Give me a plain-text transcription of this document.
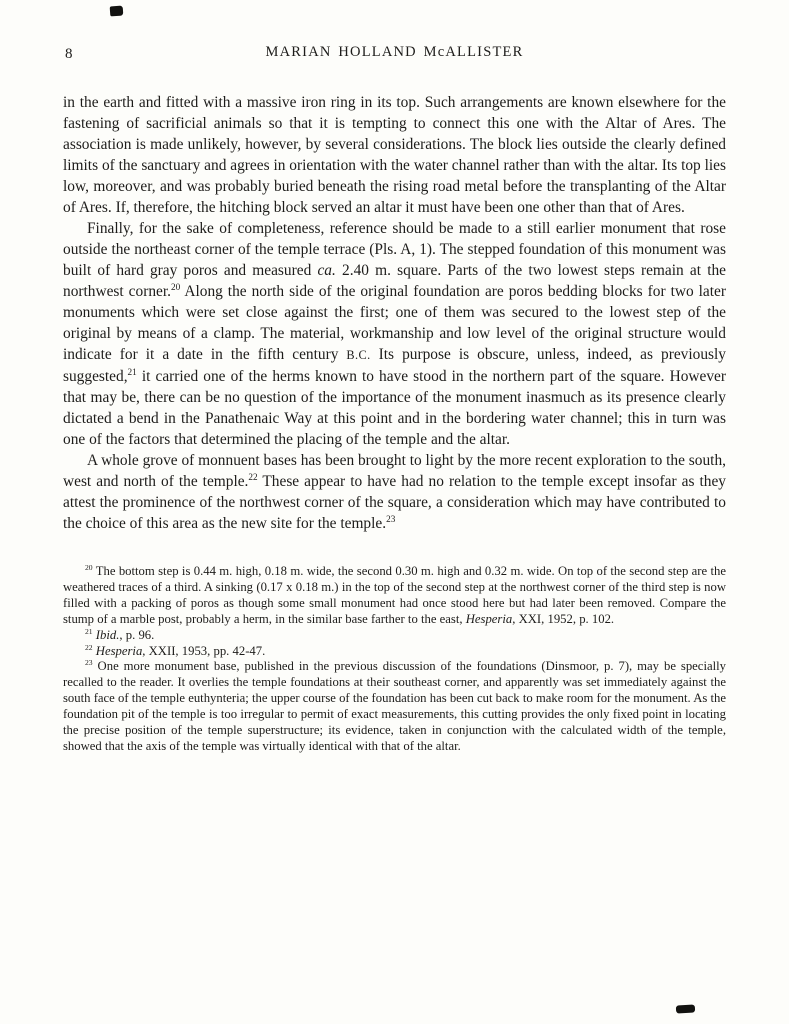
8	MARIAN HOLLAND McALLISTER

in the earth and fitted with a massive iron ring in its top. Such arrangements are known elsewhere for the fastening of sacrificial animals so that it is tempting to connect this one with the Altar of Ares. The association is made unlikely, however, by several considerations. The block lies outside the clearly defined limits of the sanctuary and agrees in orientation with the water channel rather than with the altar. Its top lies low, moreover, and was probably buried beneath the rising road metal before the transplanting of the Altar of Ares. If, therefore, the hitching block served an altar it must have been one other than that of Ares.

Finally, for the sake of completeness, reference should be made to a still earlier monument that rose outside the northeast corner of the temple terrace (Pls. A, 1). The stepped foundation of this monument was built of hard gray poros and measured ca. 2.40 m. square. Parts of the two lowest steps remain at the northwest corner.$^{20}$ Along the north side of the original foundation are poros bedding blocks for two later monuments which were set close against the first; one of them was secured to the lowest step of the original by means of a clamp. The material, workmanship and low level of the original structure would indicate for it a date in the fifth century B.C. Its purpose is obscure, unless, indeed, as previously suggested,$^{21}$ it carried one of the herms known to have stood in the northern part of the square. However that may be, there can be no question of the importance of the monument inasmuch as its presence clearly dictated a bend in the Panathenaic Way at this point and in the bordering water channel; this in turn was one of the factors that determined the placing of the temple and the altar.

A whole grove of monnuent bases has been brought to light by the more recent exploration to the south, west and north of the temple.$^{22}$ These appear to have had no relation to the temple except insofar as they attest the prominence of the northwest corner of the square, a consideration which may have contributed to the choice of this area as the new site for the temple.$^{23}$

$^{20}$ The bottom step is 0.44 m. high, 0.18 m. wide, the second 0.30 m. high and 0.32 m. wide. On top of the second step are the weathered traces of a third. A sinking (0.17 x 0.18 m.) in the top of the second step at the northwest corner of the third step is now filled with a packing of poros as though some small monument had once stood here but had later been removed. Compare the stump of a marble post, probably a herm, in the similar base farther to the east, Hesperia, XXI, 1952, p. 102.

$^{21}$ Ibid., p. 96.

$^{22}$ Hesperia, XXII, 1953, pp. 42-47.

$^{23}$ One more monument base, published in the previous discussion of the foundations (Dinsmoor, p. 7), may be specially recalled to the reader. It overlies the temple foundations at their southeast corner, and apparently was set immediately against the south face of the temple euthynteria; the upper course of the foundation has been cut back to make room for the monument. As the foundation pit of the temple is too irregular to permit of exact measurements, this cutting provides the only fixed point in locating the precise position of the temple superstructure; its evidence, taken in conjunction with the calculated width of the temple, showed that the axis of the temple was virtually identical with that of the altar.
